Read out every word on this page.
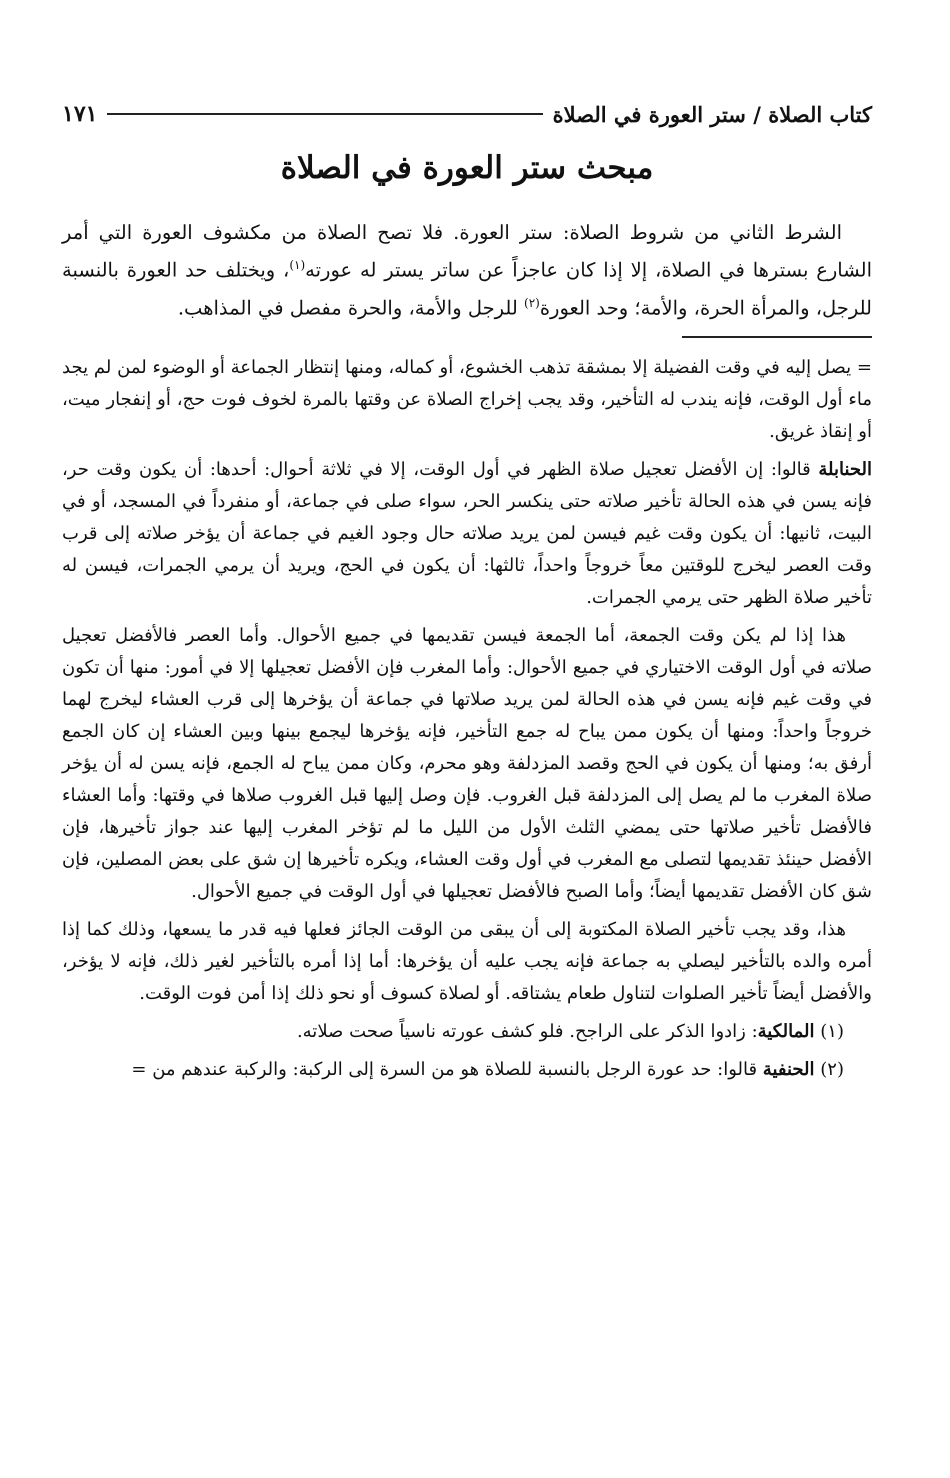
كتاب الصلاة / ستر العورة في الصلاة
١٧١
مبحث ستر العورة في الصلاة

الشرط الثاني من شروط الصلاة: ستر العورة. فلا تصح الصلاة من مكشوف العورة التي أمر الشارع بسترها في الصلاة، إلا إذا كان عاجزاً عن ساتر يستر له عورته$^{(١)}$، ويختلف حد العورة بالنسبة للرجل، والمرأة الحرة، والأمة؛ وحد العورة$^{(٢)}$ للرجل والأمة، والحرة مفصل في المذاهب.

= يصل إليه في وقت الفضيلة إلا بمشقة تذهب الخشوع، أو كماله، ومنها إنتظار الجماعة أو الوضوء لمن لم يجد ماء أول الوقت، فإنه يندب له التأخير، وقد يجب إخراج الصلاة عن وقتها بالمرة لخوف فوت حج، أو إنفجار ميت، أو إنقاذ غريق.

الحنابلة قالوا: إن الأفضل تعجيل صلاة الظهر في أول الوقت، إلا في ثلاثة أحوال: أحدها: أن يكون وقت حر، فإنه يسن في هذه الحالة تأخير صلاته حتى ينكسر الحر، سواء صلى في جماعة، أو منفرداً في المسجد، أو في البيت، ثانيها: أن يكون وقت غيم فيسن لمن يريد صلاته حال وجود الغيم في جماعة أن يؤخر صلاته إلى قرب وقت العصر ليخرج للوقتين معاً خروجاً واحداً، ثالثها: أن يكون في الحج، ويريد أن يرمي الجمرات، فيسن له تأخير صلاة الظهر حتى يرمي الجمرات.

هذا إذا لم يكن وقت الجمعة، أما الجمعة فيسن تقديمها في جميع الأحوال. وأما العصر فالأفضل تعجيل صلاته في أول الوقت الاختياري في جميع الأحوال: وأما المغرب فإن الأفضل تعجيلها إلا في أمور: منها أن تكون في وقت غيم فإنه يسن في هذه الحالة لمن يريد صلاتها في جماعة أن يؤخرها إلى قرب العشاء ليخرج لهما خروجاً واحداً: ومنها أن يكون ممن يباح له جمع التأخير، فإنه يؤخرها ليجمع بينها وبين العشاء إن كان الجمع أرفق به؛ ومنها أن يكون في الحج وقصد المزدلفة وهو محرم، وكان ممن يباح له الجمع، فإنه يسن له أن يؤخر صلاة المغرب ما لم يصل إلى المزدلفة قبل الغروب. فإن وصل إليها قبل الغروب صلاها في وقتها: وأما العشاء فالأفضل تأخير صلاتها حتى يمضي الثلث الأول من الليل ما لم تؤخر المغرب إليها عند جواز تأخيرها، فإن الأفضل حينئذ تقديمها لتصلى مع المغرب في أول وقت العشاء، ويكره تأخيرها إن شق على بعض المصلين، فإن شق كان الأفضل تقديمها أيضاً؛ وأما الصبح فالأفضل تعجيلها في أول الوقت في جميع الأحوال.

هذا، وقد يجب تأخير الصلاة المكتوبة إلى أن يبقى من الوقت الجائز فعلها فيه قدر ما يسعها، وذلك كما إذا أمره والده بالتأخير ليصلي به جماعة فإنه يجب عليه أن يؤخرها: أما إذا أمره بالتأخير لغير ذلك، فإنه لا يؤخر، والأفضل أيضاً تأخير الصلوات لتناول طعام يشتاقه. أو لصلاة كسوف أو نحو ذلك إذا أمن فوت الوقت.

(١) المالكية: زادوا الذكر على الراجح. فلو كشف عورته ناسياً صحت صلاته.

(٢) الحنفية قالوا: حد عورة الرجل بالنسبة للصلاة هو من السرة إلى الركبة: والركبة عندهم من =
